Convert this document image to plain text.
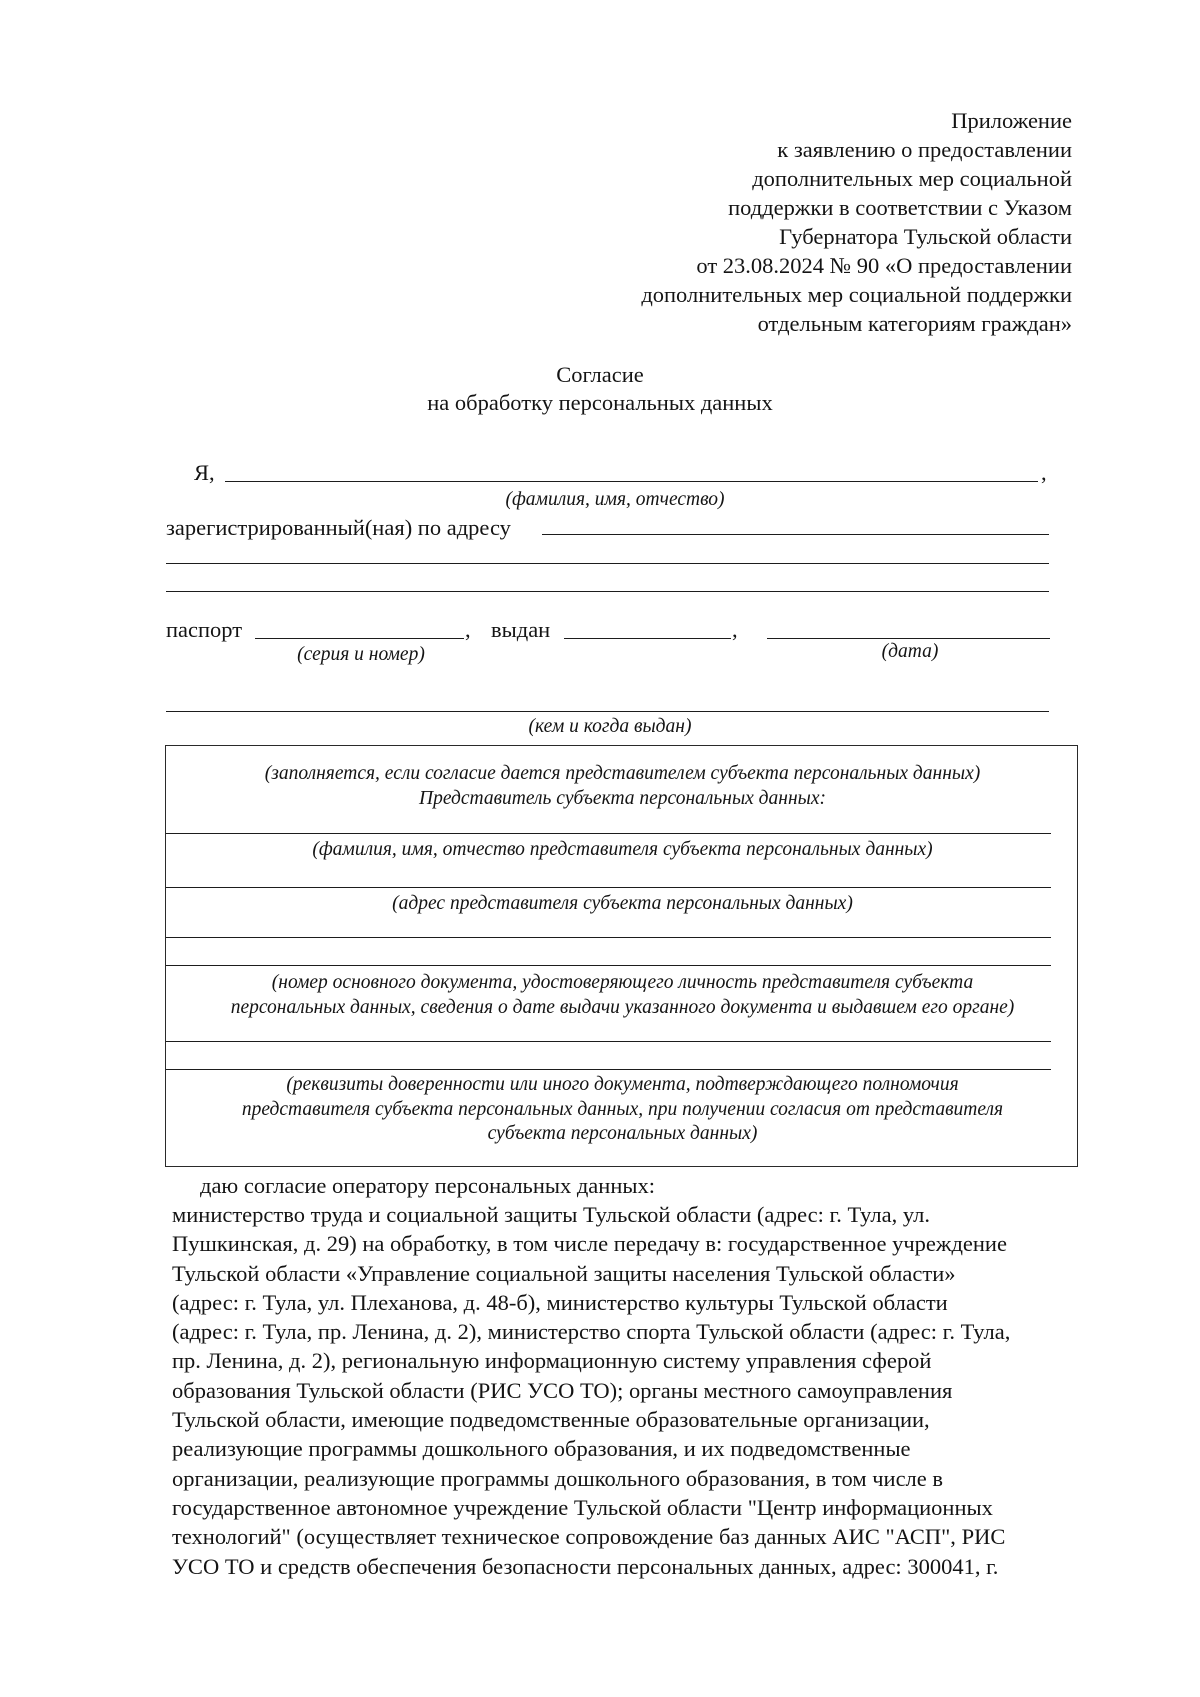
Приложение
к заявлению о предоставлении
дополнительных мер социальной
поддержки в соответствии с Указом
Губернатора Тульской области
от 23.08.2024 № 90 «О предоставлении
дополнительных мер социальной поддержки
отдельным категориям граждан»
Согласие
на обработку персональных данных
Я,	,
(фамилия, имя, отчество)
зарегистрированный(ная) по адресу
паспорт	, выдан	,
(серия и номер)	(дата)
(кем и когда выдан)
(заполняется, если согласие дается представителем субъекта персональных данных)
Представитель субъекта персональных данных:
(фамилия, имя, отчество представителя субъекта персональных данных)
(адрес представителя субъекта персональных данных)
(номер основного документа, удостоверяющего личность представителя субъекта
персональных данных, сведения о дате выдачи указанного документа и выдавшем его органе)
(реквизиты доверенности или иного документа, подтверждающего полномочия
представителя субъекта персональных данных, при получении согласия от представителя
субъекта персональных данных)
даю согласие оператору персональных данных:
министерство труда и социальной защиты Тульской области (адрес: г. Тула, ул.
Пушкинская, д. 29) на обработку, в том числе передачу в: государственное учреждение
Тульской области «Управление социальной защиты населения Тульской области»
(адрес: г. Тула, ул. Плеханова, д. 48-б), министерство культуры Тульской области
(адрес: г. Тула, пр. Ленина, д. 2), министерство спорта Тульской области (адрес: г. Тула,
пр. Ленина, д. 2), региональную информационную систему управления сферой
образования Тульской области (РИС УСО ТО); органы местного самоуправления
Тульской области, имеющие подведомственные образовательные организации,
реализующие программы дошкольного образования, и их подведомственные
организации, реализующие программы дошкольного образования, в том числе в
государственное автономное учреждение Тульской области "Центр информационных
технологий" (осуществляет техническое сопровождение баз данных АИС "АСП", РИС
УСО ТО и средств обеспечения безопасности персональных данных, адрес: 300041, г.
